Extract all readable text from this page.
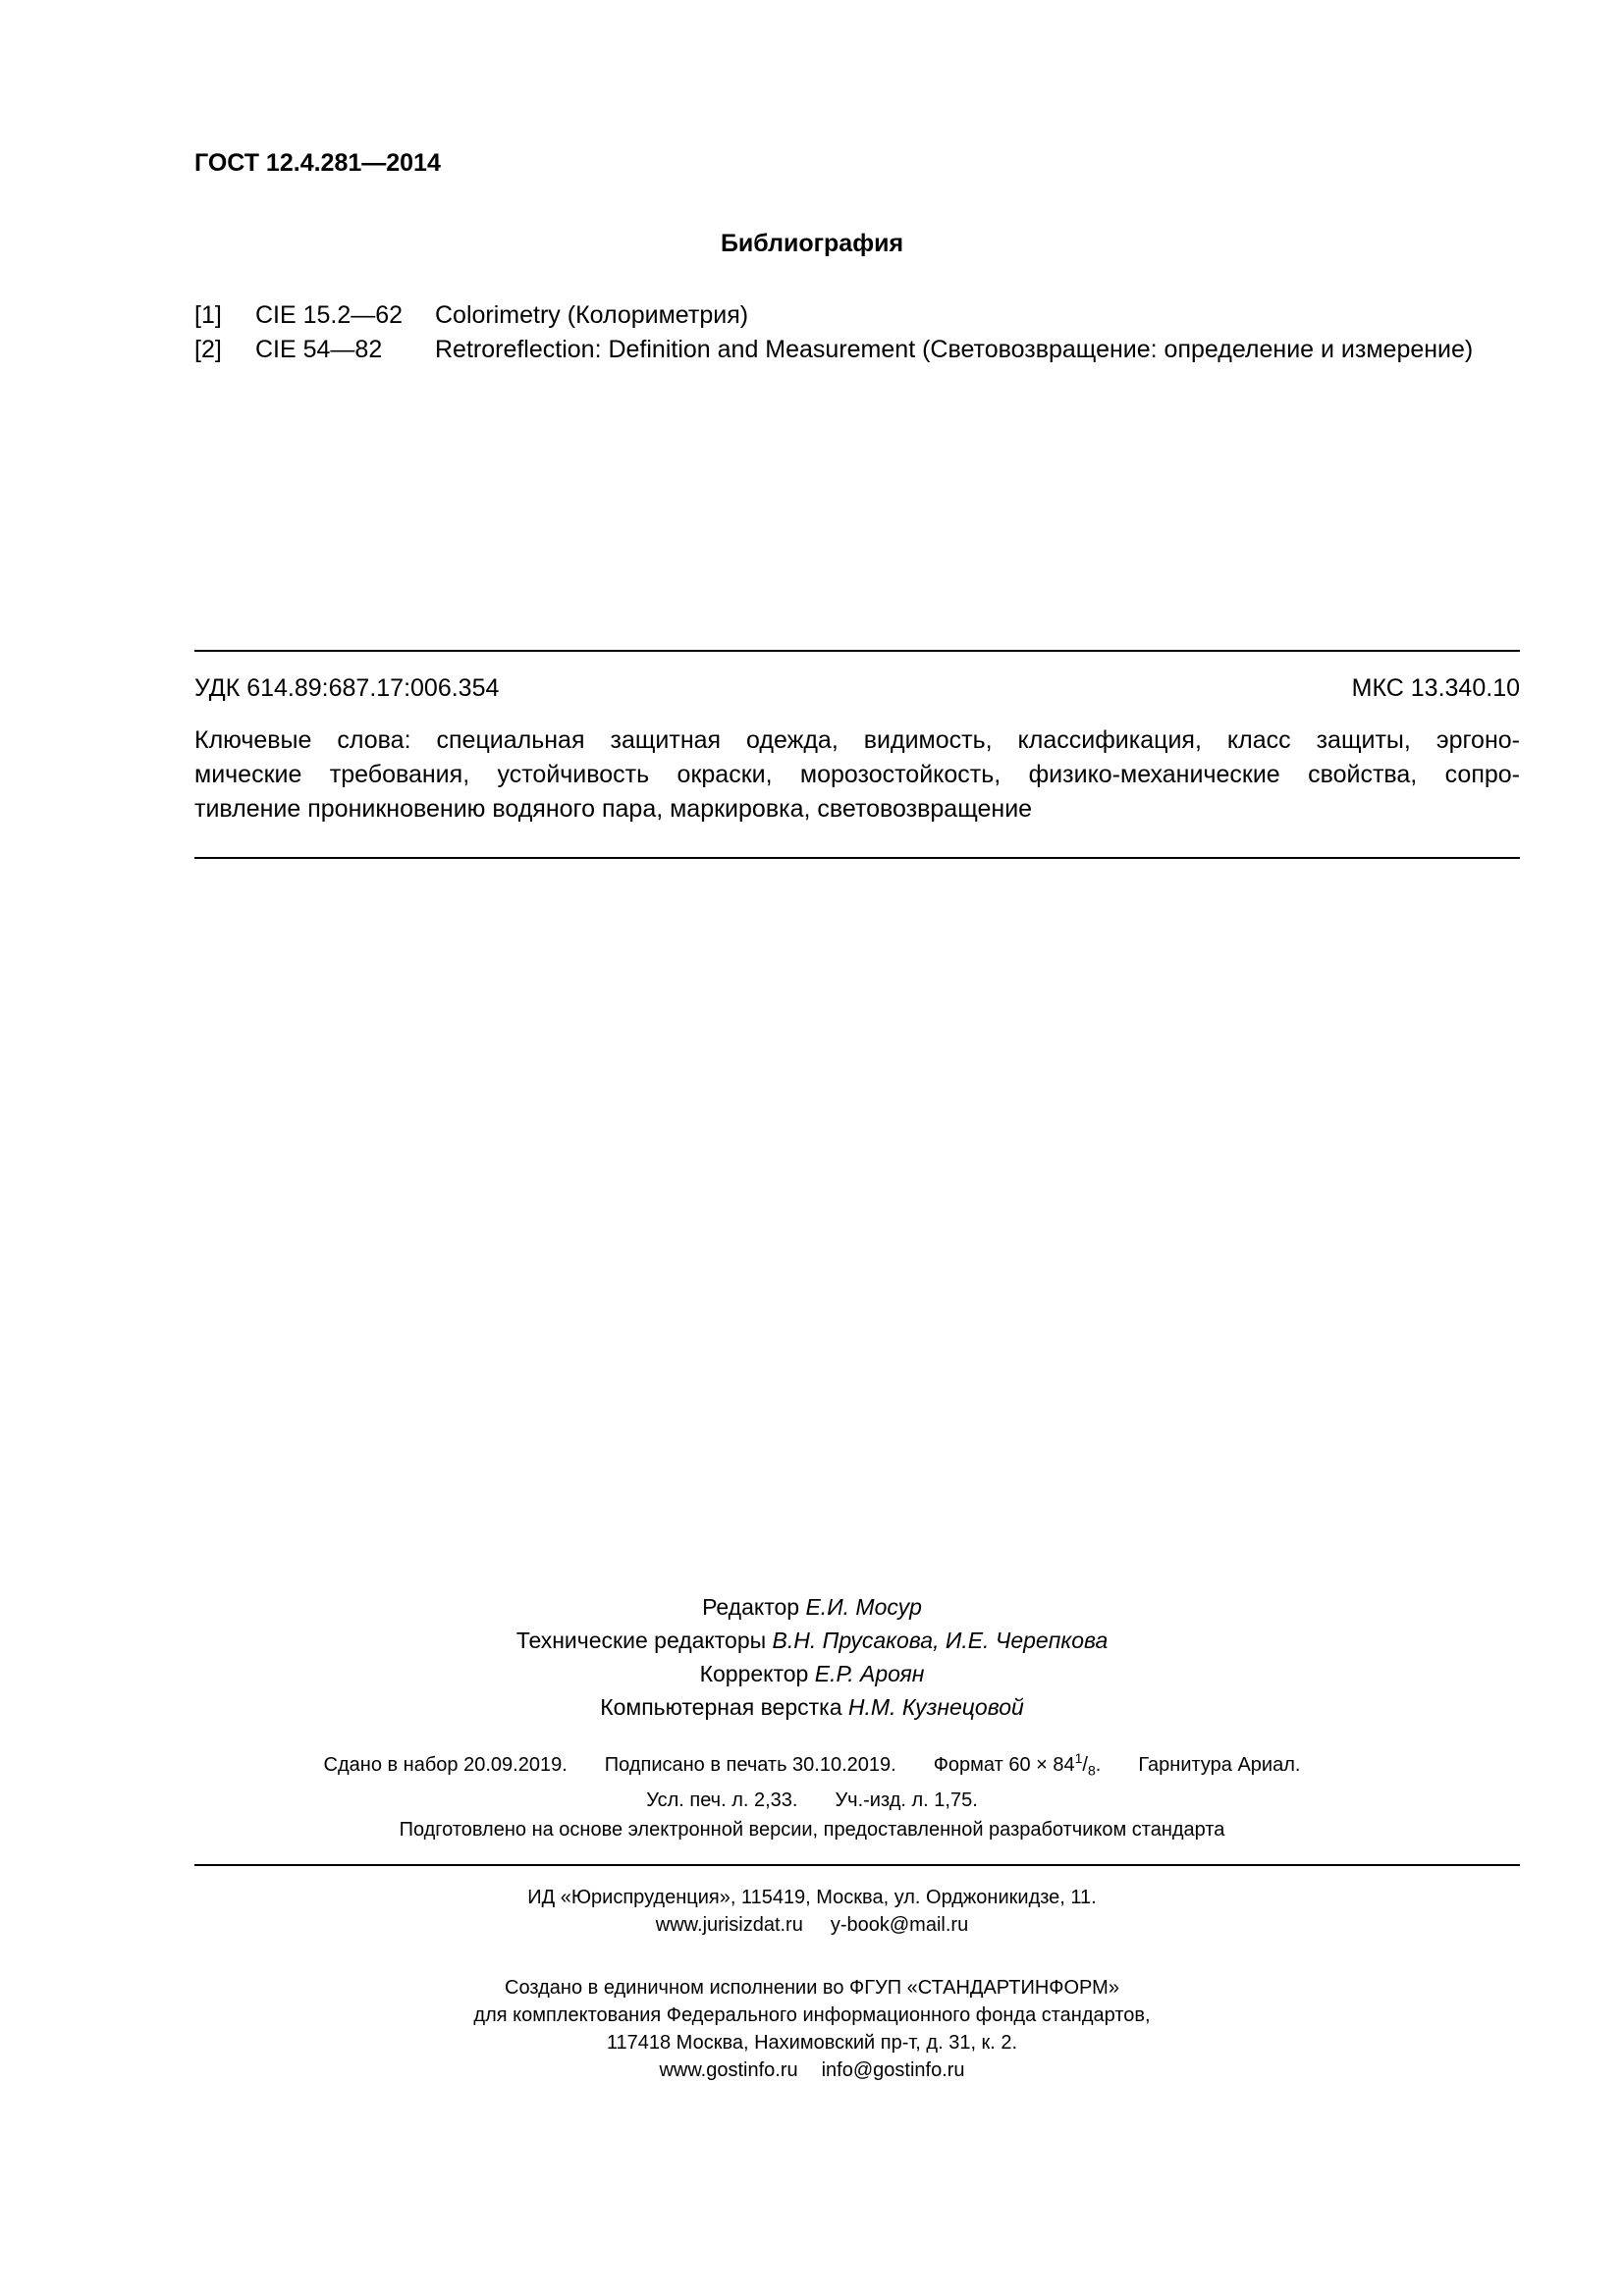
ГОСТ 12.4.281—2014
Библиография
[1]	CIE 15.2—62	Colorimetry (Колориметрия)
[2]	CIE 54—82	Retroreflection: Definition and Measurement (Световозвращение: определение и измерение)
УДК 614.89:687.17:006.354	МКС 13.340.10
Ключевые слова: специальная защитная одежда, видимость, классификация, класс защиты, эргоно-
мические требования, устойчивость окраски, морозостойкость, физико-механические свойства, сопро-
тивление проникновению водяного пара, маркировка, световозвращение
Редактор Е.И. Мосур
Технические редакторы В.Н. Прусакова, И.Е. Черепкова
Корректор Е.Р. Ароян
Компьютерная верстка Н.М. Кузнецовой
Сдано в набор 20.09.2019. Подписано в печать 30.10.2019. Формат $60 \times 84^1/_8$. Гарнитура Ариал.
Усл. печ. л. 2,33. Уч.-изд. л. 1,75.
Подготовлено на основе электронной версии, предоставленной разработчиком стандарта
ИД «Юриспруденция», 115419, Москва, ул. Орджоникидзе, 11.
www.jurisizdat.ru y-book@mail.ru
Создано в единичном исполнении во ФГУП «СТАНДАРТИНФОРМ»
для комплектования Федерального информационного фонда стандартов,
117418 Москва, Нахимовский пр-т, д. 31, к. 2.
www.gostinfo.ru info@gostinfo.ru
